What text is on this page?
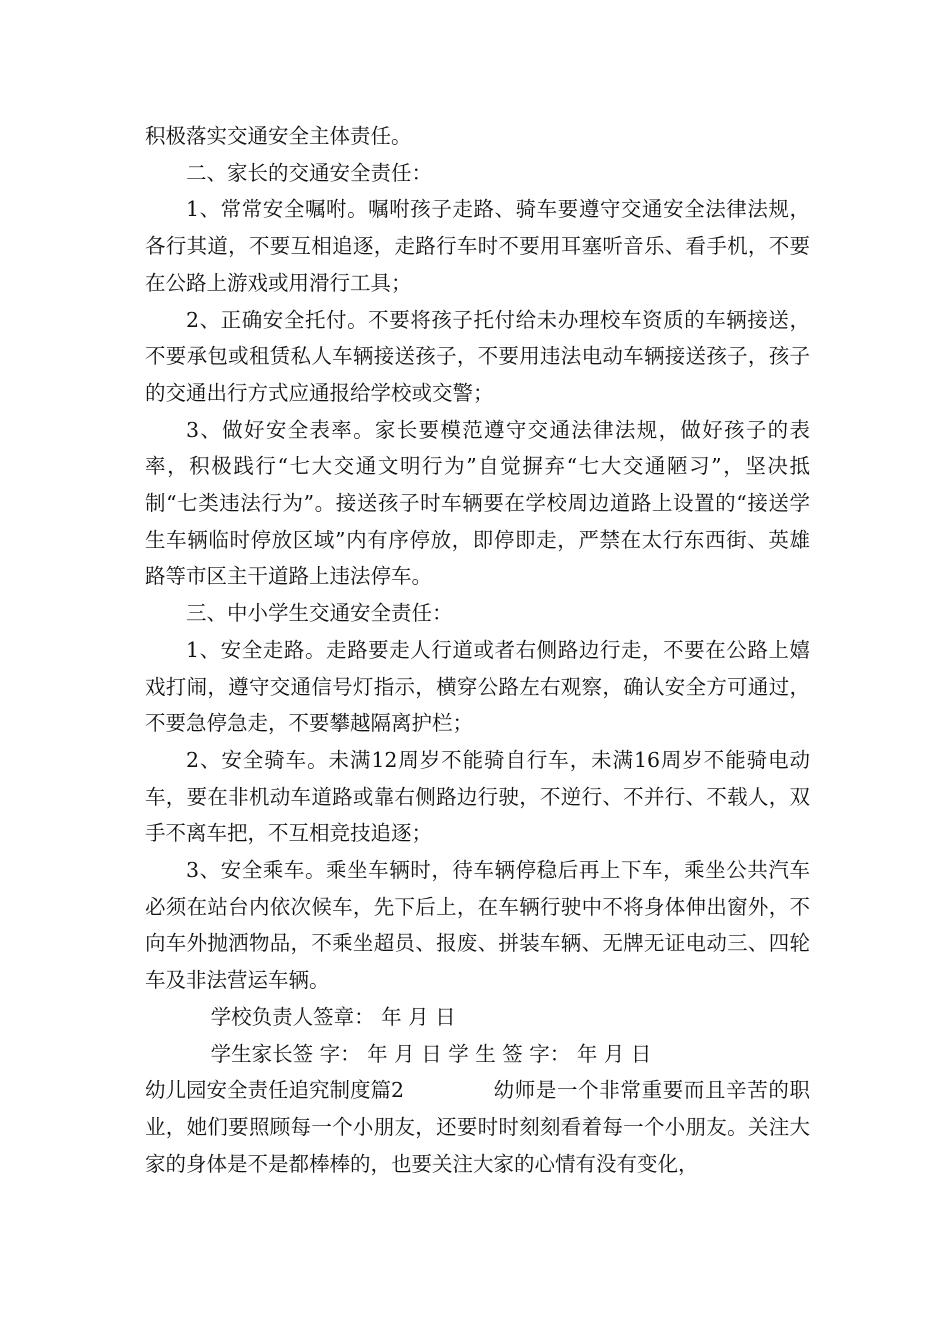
积极落实交通安全主体责任。

二、家长的交通安全责任：

1、常常安全嘱咐。嘱咐孩子走路、骑车要遵守交通安全法律法规，各行其道，不要互相追逐，走路行车时不要用耳塞听音乐、看手机，不要在公路上游戏或用滑行工具；

2、正确安全托付。不要将孩子托付给未办理校车资质的车辆接送，不要承包或租赁私人车辆接送孩子，不要用违法电动车辆接送孩子，孩子的交通出行方式应通报给学校或交警；

3、做好安全表率。家长要模范遵守交通法律法规，做好孩子的表率，积极践行“七大交通文明行为”自觉摒弃“七大交通陋习”，坚决抵制“七类违法行为”。接送孩子时车辆要在学校周边道路上设置的“接送学生车辆临时停放区域”内有序停放，即停即走，严禁在太行东西街、英雄路等市区主干道路上违法停车。

三、中小学生交通安全责任：

1、安全走路。走路要走人行道或者右侧路边行走，不要在公路上嬉戏打闹，遵守交通信号灯指示，横穿公路左右观察，确认安全方可通过，不要急停急走，不要攀越隔离护栏；

2、安全骑车。未满12周岁不能骑自行车，未满16周岁不能骑电动车，要在非机动车道路或靠右侧路边行驶，不逆行、不并行、不载人，双手不离车把，不互相竞技追逐；

3、安全乘车。乘坐车辆时，待车辆停稳后再上下车，乘坐公共汽车必须在站台内依次候车，先下后上，在车辆行驶中不将身体伸出窗外，不向车外抛洒物品，不乘坐超员、报废、拼装车辆、无牌无证电动三、四轮车及非法营运车辆。

学校负责人签章： 年 月 日

学生家长签 字： 年 月 日 学 生 签 字： 年 月 日

幼儿园安全责任追究制度篇2	幼师是一个非常重要而且辛苦的职业，她们要照顾每一个小朋友，还要时时刻刻看着每一个小朋友。关注大家的身体是不是都棒棒的，也要关注大家的心情有没有变化，
